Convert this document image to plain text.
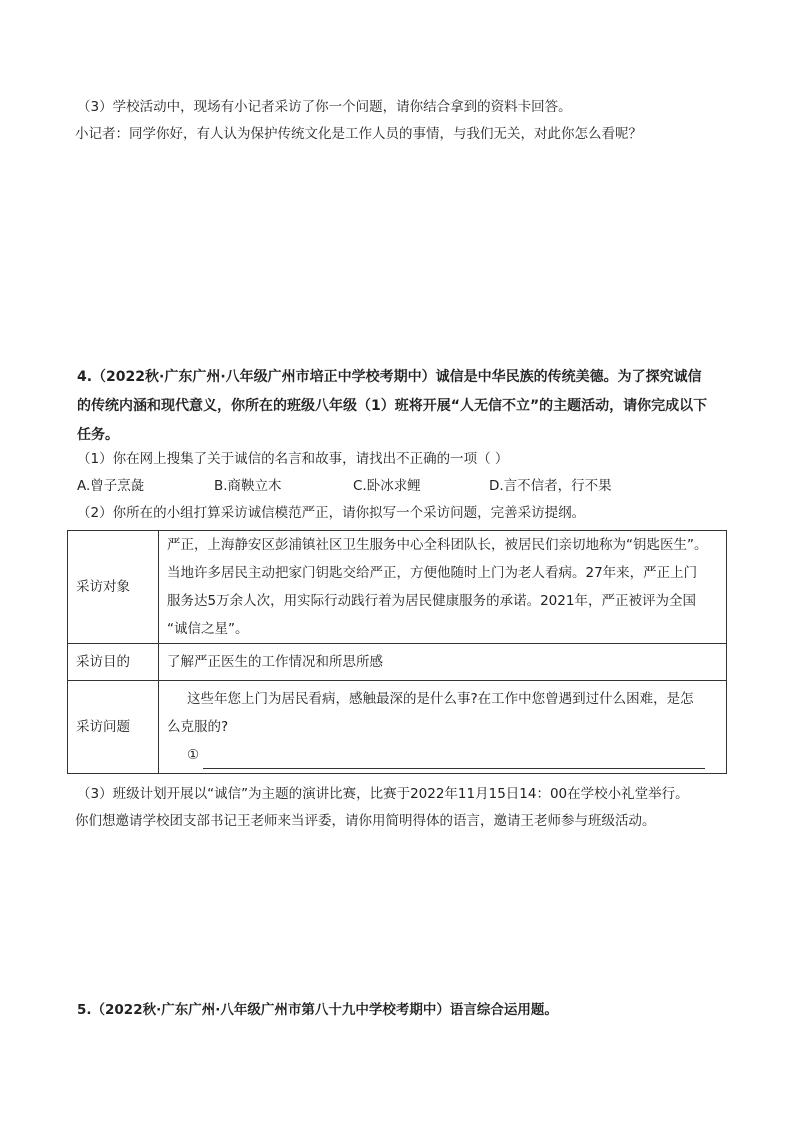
（3）学校活动中，现场有小记者采访了你一个问题，请你结合拿到的资料卡回答。
小记者：同学你好，有人认为保护传统文化是工作人员的事情，与我们无关，对此你怎么看呢？
4.（2022秋·广东广州·八年级广州市培正中学校考期中）诚信是中华民族的传统美德。为了探究诚信
的传统内涵和现代意义，你所在的班级八年级（1）班将开展“人无信不立”的主题活动，请你完成以下
任务。
（1）你在网上搜集了关于诚信的名言和故事，请找出不正确的一项（ ）
A.曾子烹彘	B.商鞅立木	C.卧冰求鲤	D.言不信者，行不果
（2）你所在的小组打算采访诚信模范严正，请你拟写一个采访问题，完善采访提纲。
采访对象	严正，上海静安区彭浦镇社区卫生服务中心全科团队长，被居民们亲切地称为“钥匙医生”。
当地许多居民主动把家门钥匙交给严正，方便他随时上门为老人看病。27年来，严正上门
服务达5万余人次，用实际行动践行着为居民健康服务的承诺。2021年，严正被评为全国
“诚信之星”。

采访目的	了解严正医生的工作情况和所思所感
采访问题	这些年您上门为居民看病，感触最深的是什么事?在工作中您曾遇到过什么困难，是怎
么克服的?
①
（3）班级计划开展以“诚信”为主题的演讲比赛，比赛于2022年11月15日14：00在学校小礼堂举行。
你们想邀请学校团支部书记王老师来当评委，请你用简明得体的语言，邀请王老师参与班级活动。
5.（2022秋·广东广州·八年级广州市第八十九中学校考期中）语言综合运用题。
